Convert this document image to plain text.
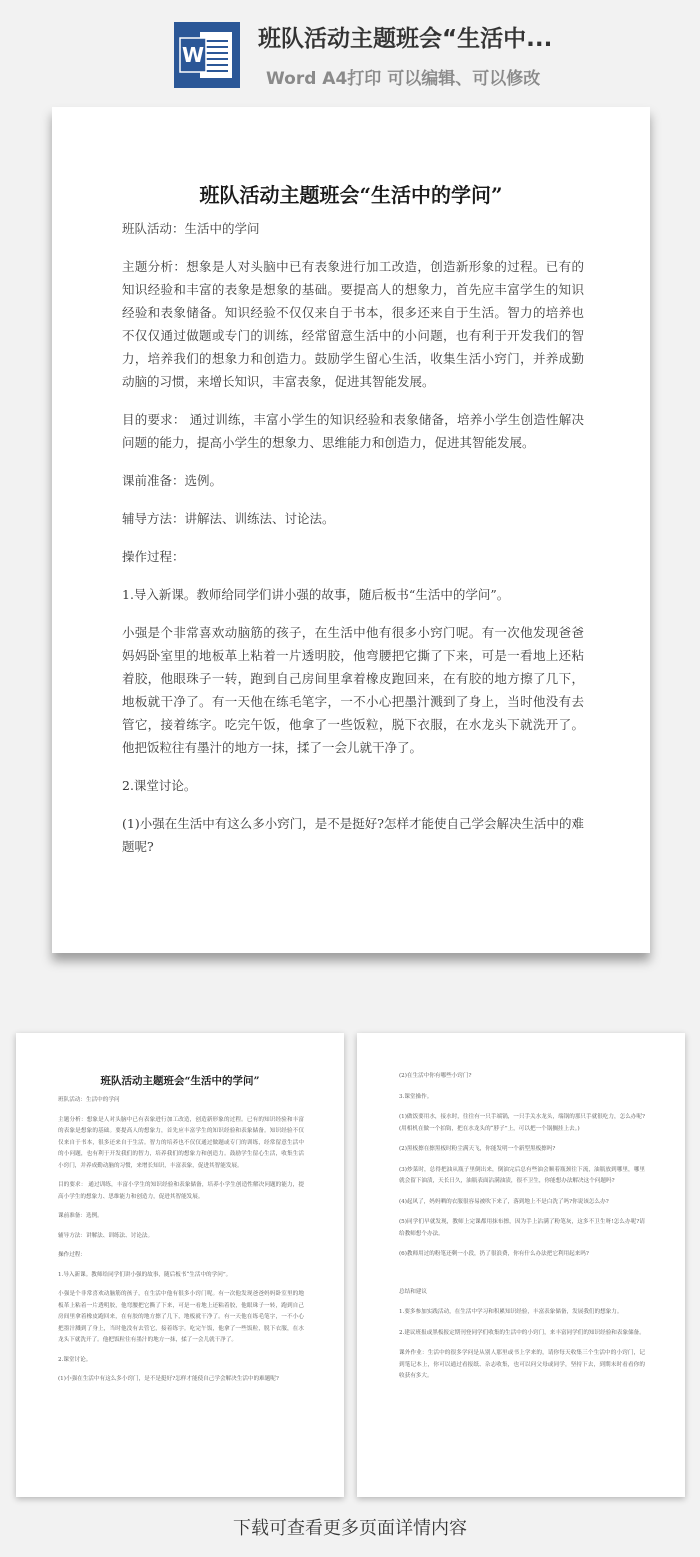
W
班队活动主题班会“生活中...
Word A4打印 可以编辑、可以修改
班队活动主题班会“生活中的学问”

班队活动：生活中的学问

主题分析：想象是人对头脑中已有表象进行加工改造，创造新形象的过程。已有的知识经验和丰富的表象是想象的基础。要提高人的想象力，首先应丰富学生的知识经验和表象储备。知识经验不仅仅来自于书本，很多还来自于生活。智力的培养也不仅仅通过做题或专门的训练，经常留意生活中的小问题，也有利于开发我们的智力，培养我们的想象力和创造力。鼓励学生留心生活，收集生活小窍门，并养成勤动脑的习惯，来增长知识，丰富表象，促进其智能发展。

目的要求： 通过训练，丰富小学生的知识经验和表象储备，培养小学生创造性解决问题的能力，提高小学生的想象力、思维能力和创造力，促进其智能发展。

课前准备：选例。

辅导方法：讲解法、训练法、讨论法。

操作过程：

1.导入新课。教师给同学们讲小强的故事，随后板书“生活中的学问”。

小强是个非常喜欢动脑筋的孩子，在生活中他有很多小窍门呢。有一次他发现爸爸妈妈卧室里的地板革上粘着一片透明胶，他弯腰把它撕了下来，可是一看地上还粘着胶，他眼珠子一转，跑到自己房间里拿着橡皮跑回来，在有胶的地方擦了几下，地板就干净了。有一天他在练毛笔字，一不小心把墨汁溅到了身上，当时他没有去管它，接着练字。吃完午饭，他拿了一些饭粒，脱下衣服，在水龙头下就洗开了。他把饭粒往有墨汁的地方一抹，揉了一会儿就干净了。

2.课堂讨论。

(1)小强在生活中有这么多小窍门，是不是挺好?怎样才能使自己学会解决生活中的难题呢?

班队活动主题班会“生活中的学问”

班队活动：生活中的学问

主题分析：想象是人对头脑中已有表象进行加工改造，创造新形象的过程。已有的知识经验和丰富的表象是想象的基础。要提高人的想象力，首先应丰富学生的知识经验和表象储备。知识经验不仅仅来自于书本，很多还来自于生活。智力的培养也不仅仅通过做题或专门的训练，经常留意生活中的小问题，也有利于开发我们的智力，培养我们的想象力和创造力。鼓励学生留心生活，收集生活小窍门，并养成勤动脑的习惯，来增长知识，丰富表象，促进其智能发展。

目的要求： 通过训练，丰富小学生的知识经验和表象储备，培养小学生创造性解决问题的能力，提高小学生的想象力、思维能力和创造力，促进其智能发展。

课前准备：选例。

辅导方法：讲解法、训练法、讨论法。

操作过程：

1.导入新课。教师给同学们讲小强的故事，随后板书“生活中的学问”。

小强是个非常喜欢动脑筋的孩子，在生活中他有很多小窍门呢。有一次他发现爸爸妈妈卧室里的地板革上粘着一片透明胶，他弯腰把它撕了下来，可是一看地上还粘着胶，他眼珠子一转，跑到自己房间里拿着橡皮跑回来，在有胶的地方擦了几下，地板就干净了。有一天他在练毛笔字，一不小心把墨汁溅到了身上，当时他没有去管它，接着练字。吃完午饭，他拿了一些饭粒，脱下衣服，在水龙头下就洗开了。他把饭粒往有墨汁的地方一抹，揉了一会儿就干净了。

2.课堂讨论。

(1)小强在生活中有这么多小窍门，是不是挺好?怎样才能使自己学会解决生活中的难题呢?

(2)在生活中你有哪些小窍门?

3.课堂操作。

(1)做饭要用水，接水时，往往有一只手端锅，一只手关水龙头，端锅的那只手就很吃力，怎么办呢?(用相机在做一个拍钩，把在水龙头的“脖子”上，可以把一个锅搁挂上去。)

(2)黑板擦在擦黑板时粉尘满天飞，你能发明一个新型黑板擦吗?

(3)炒菜时，总得把油从瓶子里倒出来，倒油完后总有些油会顺着瓶颈往下流，油瓶放到哪里，哪里就会留下油渍，天长日久，油瓶表面沾满油渍，很不卫生，你能想办法解决这个问题吗?

(4)起风了，妈妈晒的衣服很容易被吹下来了，落到地上不是白洗了吗?你说该怎么办?

(5)同学们早就发现，教师上完课都用抹布擦，因为手上沾满了粉笔灰，这多不卫生呀!怎么办呢?请给教师想个办法。

(6)教师用过的粉笔还剩一小段，扔了很浪费，你有什么办法把它利用起来吗?

总结和建议

1.要多参加实践活动，在生活中学习和积累知识经验，丰富表象储备，发展我们的想象力。

2.建议班报或黑板报定期刊登同学们收集的生活中的小窍门，来丰富同学们的知识经验和表象储备。

课外作业：生活中的很多学问是从别人那里或书上学来的，请你每天收集三个生活中的小窍门，记到笔记本上，你可以通过看报纸、杂志收集，也可以问父母或同学，坚持下去，到期末时看看你的收获有多大。

下载可查看更多页面详情内容
